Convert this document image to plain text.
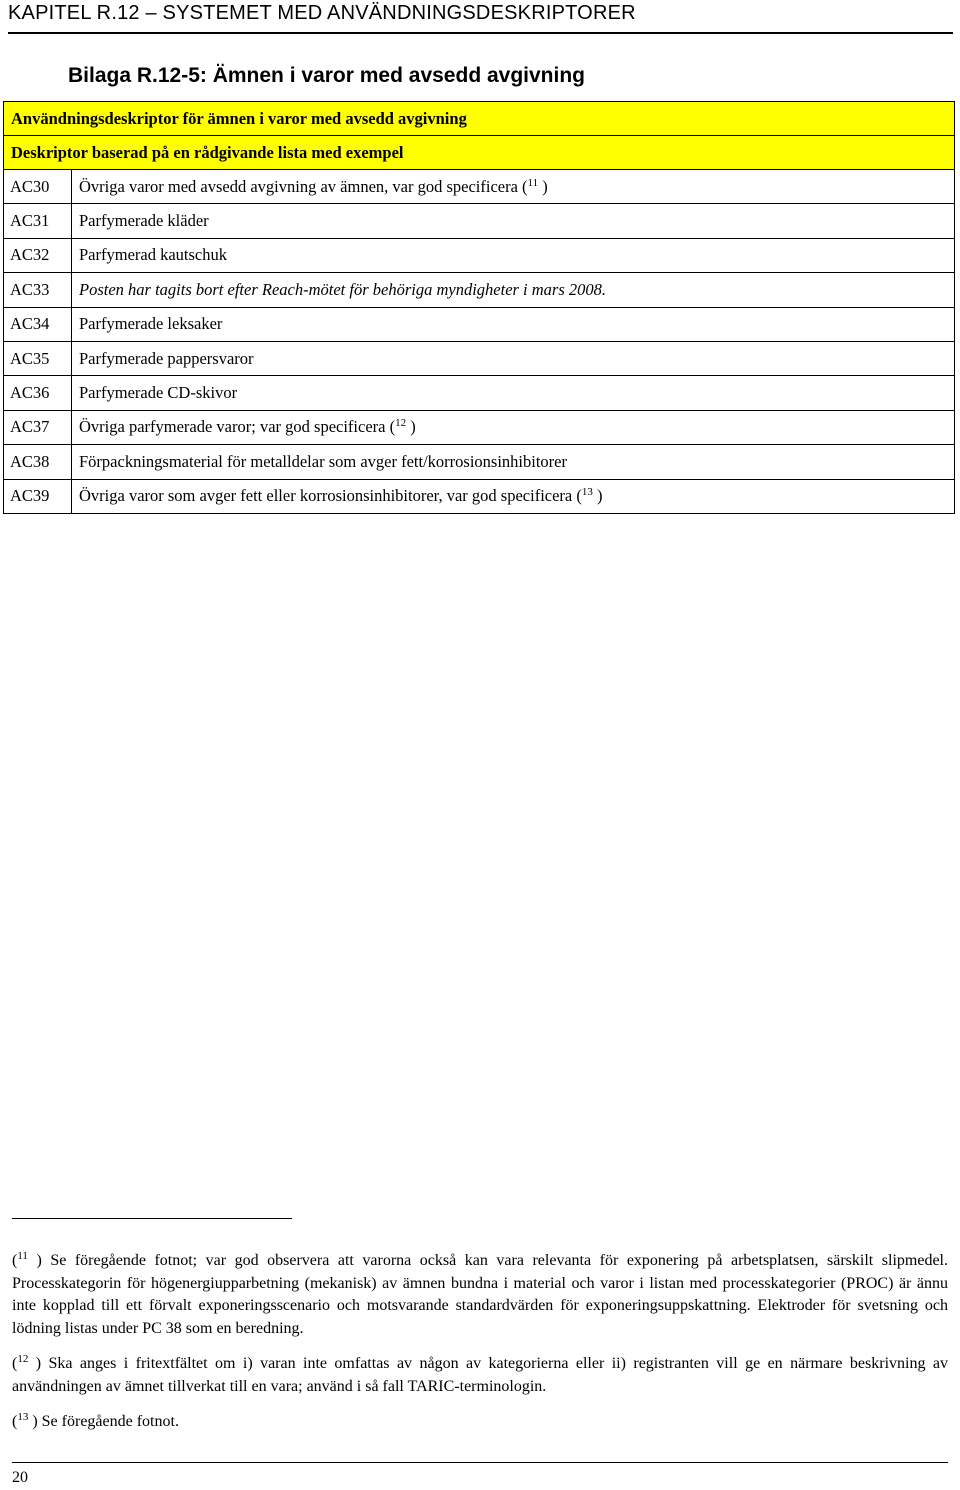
KAPITEL R.12 – SYSTEMET MED ANVÄNDNINGSDESKRIPTORER
Bilaga R.12-5: Ämnen i varor med avsedd avgivning
Användningsdeskriptor för ämnen i varor med avsedd avgivning	
Deskriptor baserad på en rådgivande lista med exempel	
AC30	Övriga varor med avsedd avgivning av ämnen, var god specificera ($^{11}$ )
AC31	Parfymerade kläder
AC32	Parfymerad kautschuk
AC33	Posten har tagits bort efter Reach-mötet för behöriga myndigheter i mars 2008.
AC34	Parfymerade leksaker
AC35	Parfymerade pappersvaror
AC36	Parfymerade CD-skivor
AC37	Övriga parfymerade varor; var god specificera ($^{12}$ )
AC38	Förpackningsmaterial för metalldelar som avger fett/korrosionsinhibitorer
AC39	Övriga varor som avger fett eller korrosionsinhibitorer, var god specificera ($^{13}$ )

($^{11}$ ) Se föregående fotnot; var god observera att varorna också kan vara relevanta för exponering på arbetsplatsen, särskilt slipmedel. Processkategorin för högenergiupparbetning (mekanisk) av ämnen bundna i material och varor i listan med processkategorier (PROC) är ännu inte kopplad till ett förvalt exponeringsscenario och motsvarande standardvärden för exponeringsuppskattning. Elektroder för svetsning och lödning listas under PC 38 som en beredning.

($^{12}$ ) Ska anges i fritextfältet om i) varan inte omfattas av någon av kategorierna eller ii) registranten vill ge en närmare beskrivning av användningen av ämnet tillverkat till en vara; använd i så fall TARIC-terminologin.

($^{13}$ ) Se föregående fotnot.

20
